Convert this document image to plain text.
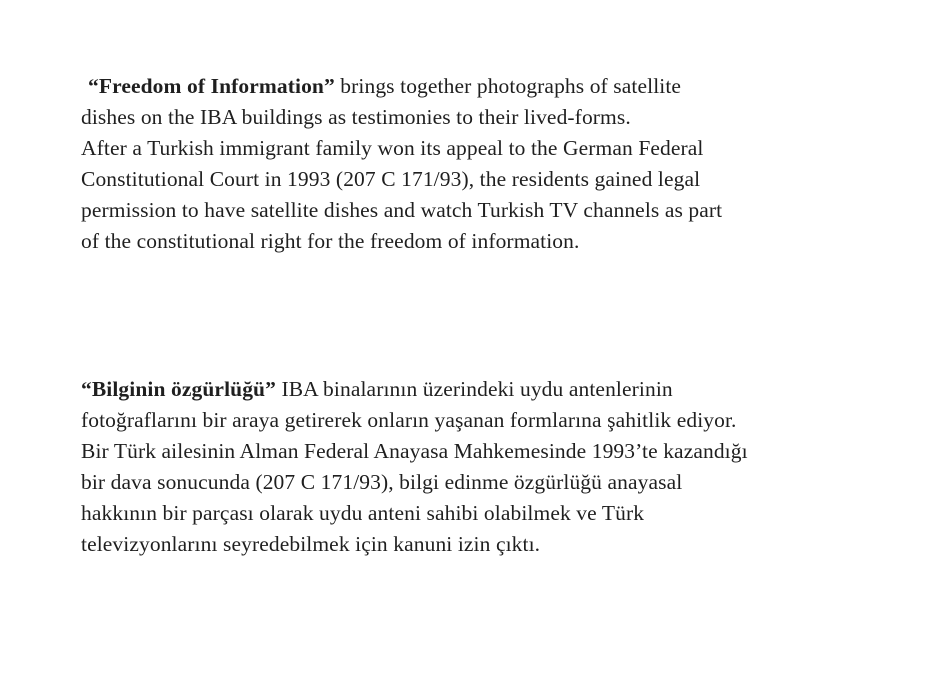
“Freedom of Information” brings together photographs of satellite
dishes on the IBA buildings as testimonies to their lived-forms.
After a Turkish immigrant family won its appeal to the German Federal
Constitutional Court in 1993 (207 C 171/93), the residents gained legal
permission to have satellite dishes and watch Turkish TV channels as part
of the constitutional right for the freedom of information.
“Bilginin özgürlüğü” IBA binalarının üzerindeki uydu antenlerinin
fotoğraflarını bir araya getirerek onların yaşanan formlarına şahitlik ediyor.
Bir Türk ailesinin Alman Federal Anayasa Mahkemesinde 1993’te kazandığı
bir dava sonucunda (207 C 171/93), bilgi edinme özgürlüğü anayasal
hakkının bir parçası olarak uydu anteni sahibi olabilmek ve Türk
televizyonlarını seyredebilmek için kanuni izin çıktı.
